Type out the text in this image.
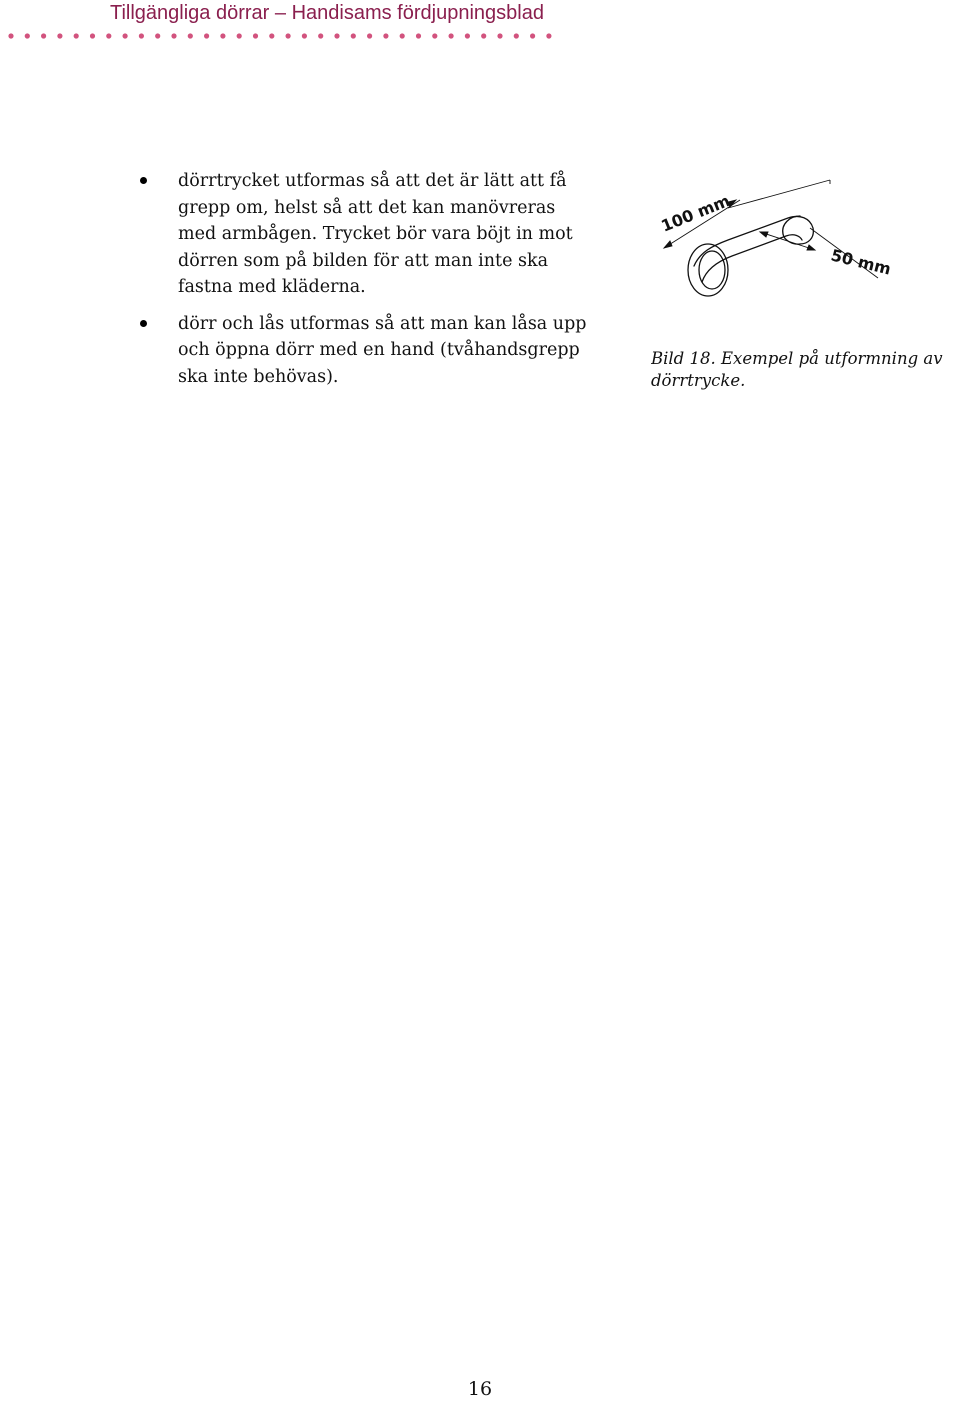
Tillgängliga dörrar – Handisams fördjupningsblad
dörrtrycket utformas så att det är lätt att få
grepp om, helst så att det kan manövreras
med armbågen. Trycket bör vara böjt in mot
dörren som på bilden för att man inte ska
fastna med kläderna.
dörr och lås utformas så att man kan låsa upp
och öppna dörr med en hand (tvåhandsgrepp
ska inte behövas).
100 mm
50 mm
Bild 18. Exempel på utformning av
dörrtrycke.
16
